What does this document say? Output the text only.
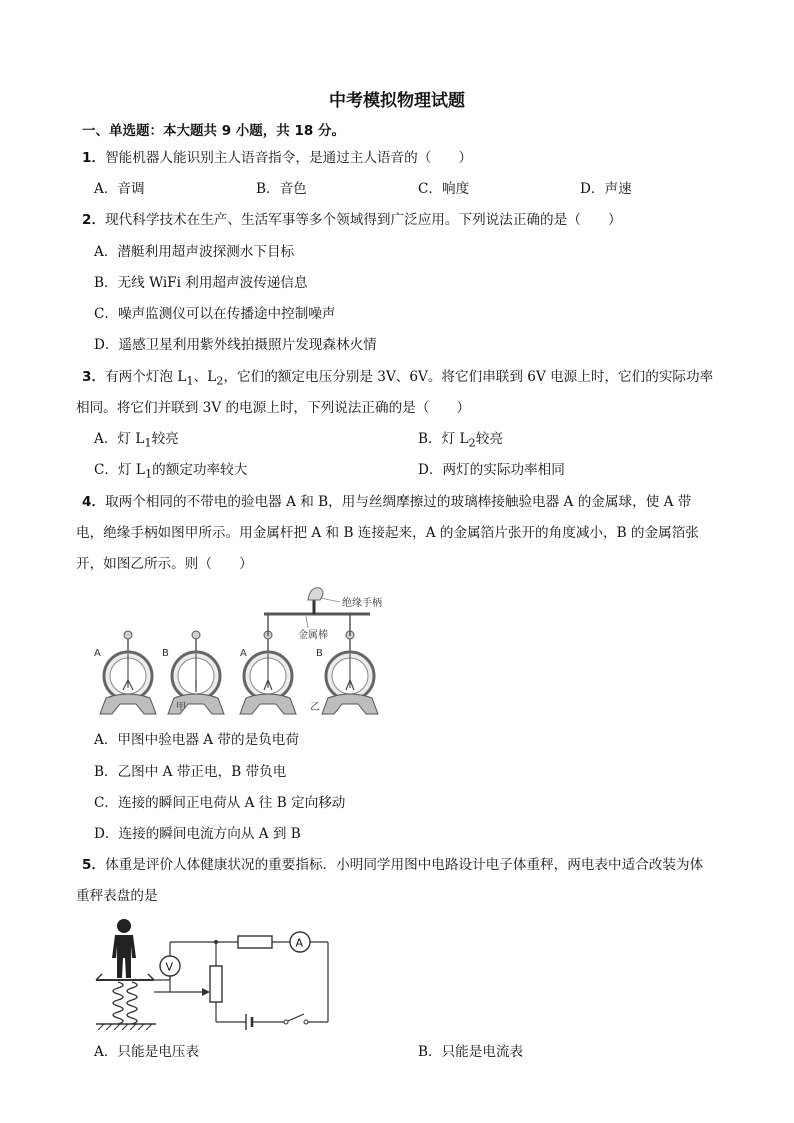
中考模拟物理试题
一、单选题：本大题共 9 小题，共 18 分。
1．智能机器人能识别主人语音指令，是通过主人语音的（　　）
A．音调	B．音色	C．响度	D．声速
2．现代科学技术在生产、生活军事等多个领域得到广泛应用。下列说法正确的是（　　）
A．潜艇利用超声波探测水下目标
B．无线 WiFi 利用超声波传递信息
C．噪声监测仪可以在传播途中控制噪声
D．遥感卫星利用紫外线拍摄照片发现森林火情
3．有两个灯泡 $L_1$、$L_2$，它们的额定电压分别是 3V、6V。将它们串联到 6V 电源上时，它们的实际功率
相同。将它们并联到 3V 的电源上时，下列说法正确的是（　　）
A．灯 $L_1$较亮	B．灯 $L_2$较亮
C．灯 $L_1$的额定功率较大	D．两灯的实际功率相同
4．取两个相同的不带电的验电器 A 和 B，用与丝绸摩擦过的玻璃棒接触验电器 A 的金属球，使 A 带
电，绝缘手柄如图甲所示。用金属杆把 A 和 B 连接起来，A 的金属箔片张开的角度减小，B 的金属箔张
开，如图乙所示。则（　　）
绝缘手柄
金属棒
A	B	A	B
甲	乙
A．甲图中验电器 A 带的是负电荷
B．乙图中 A 带正电，B 带负电
C．连接的瞬间正电荷从 A 往 B 定向移动
D．连接的瞬间电流方向从 A 到 B
5．体重是评价人体健康状况的重要指标．小明同学用图中电路设计电子体重秤，两电表中适合改装为体
重秤表盘的是
V
A
A．只能是电压表	B．只能是电流表
